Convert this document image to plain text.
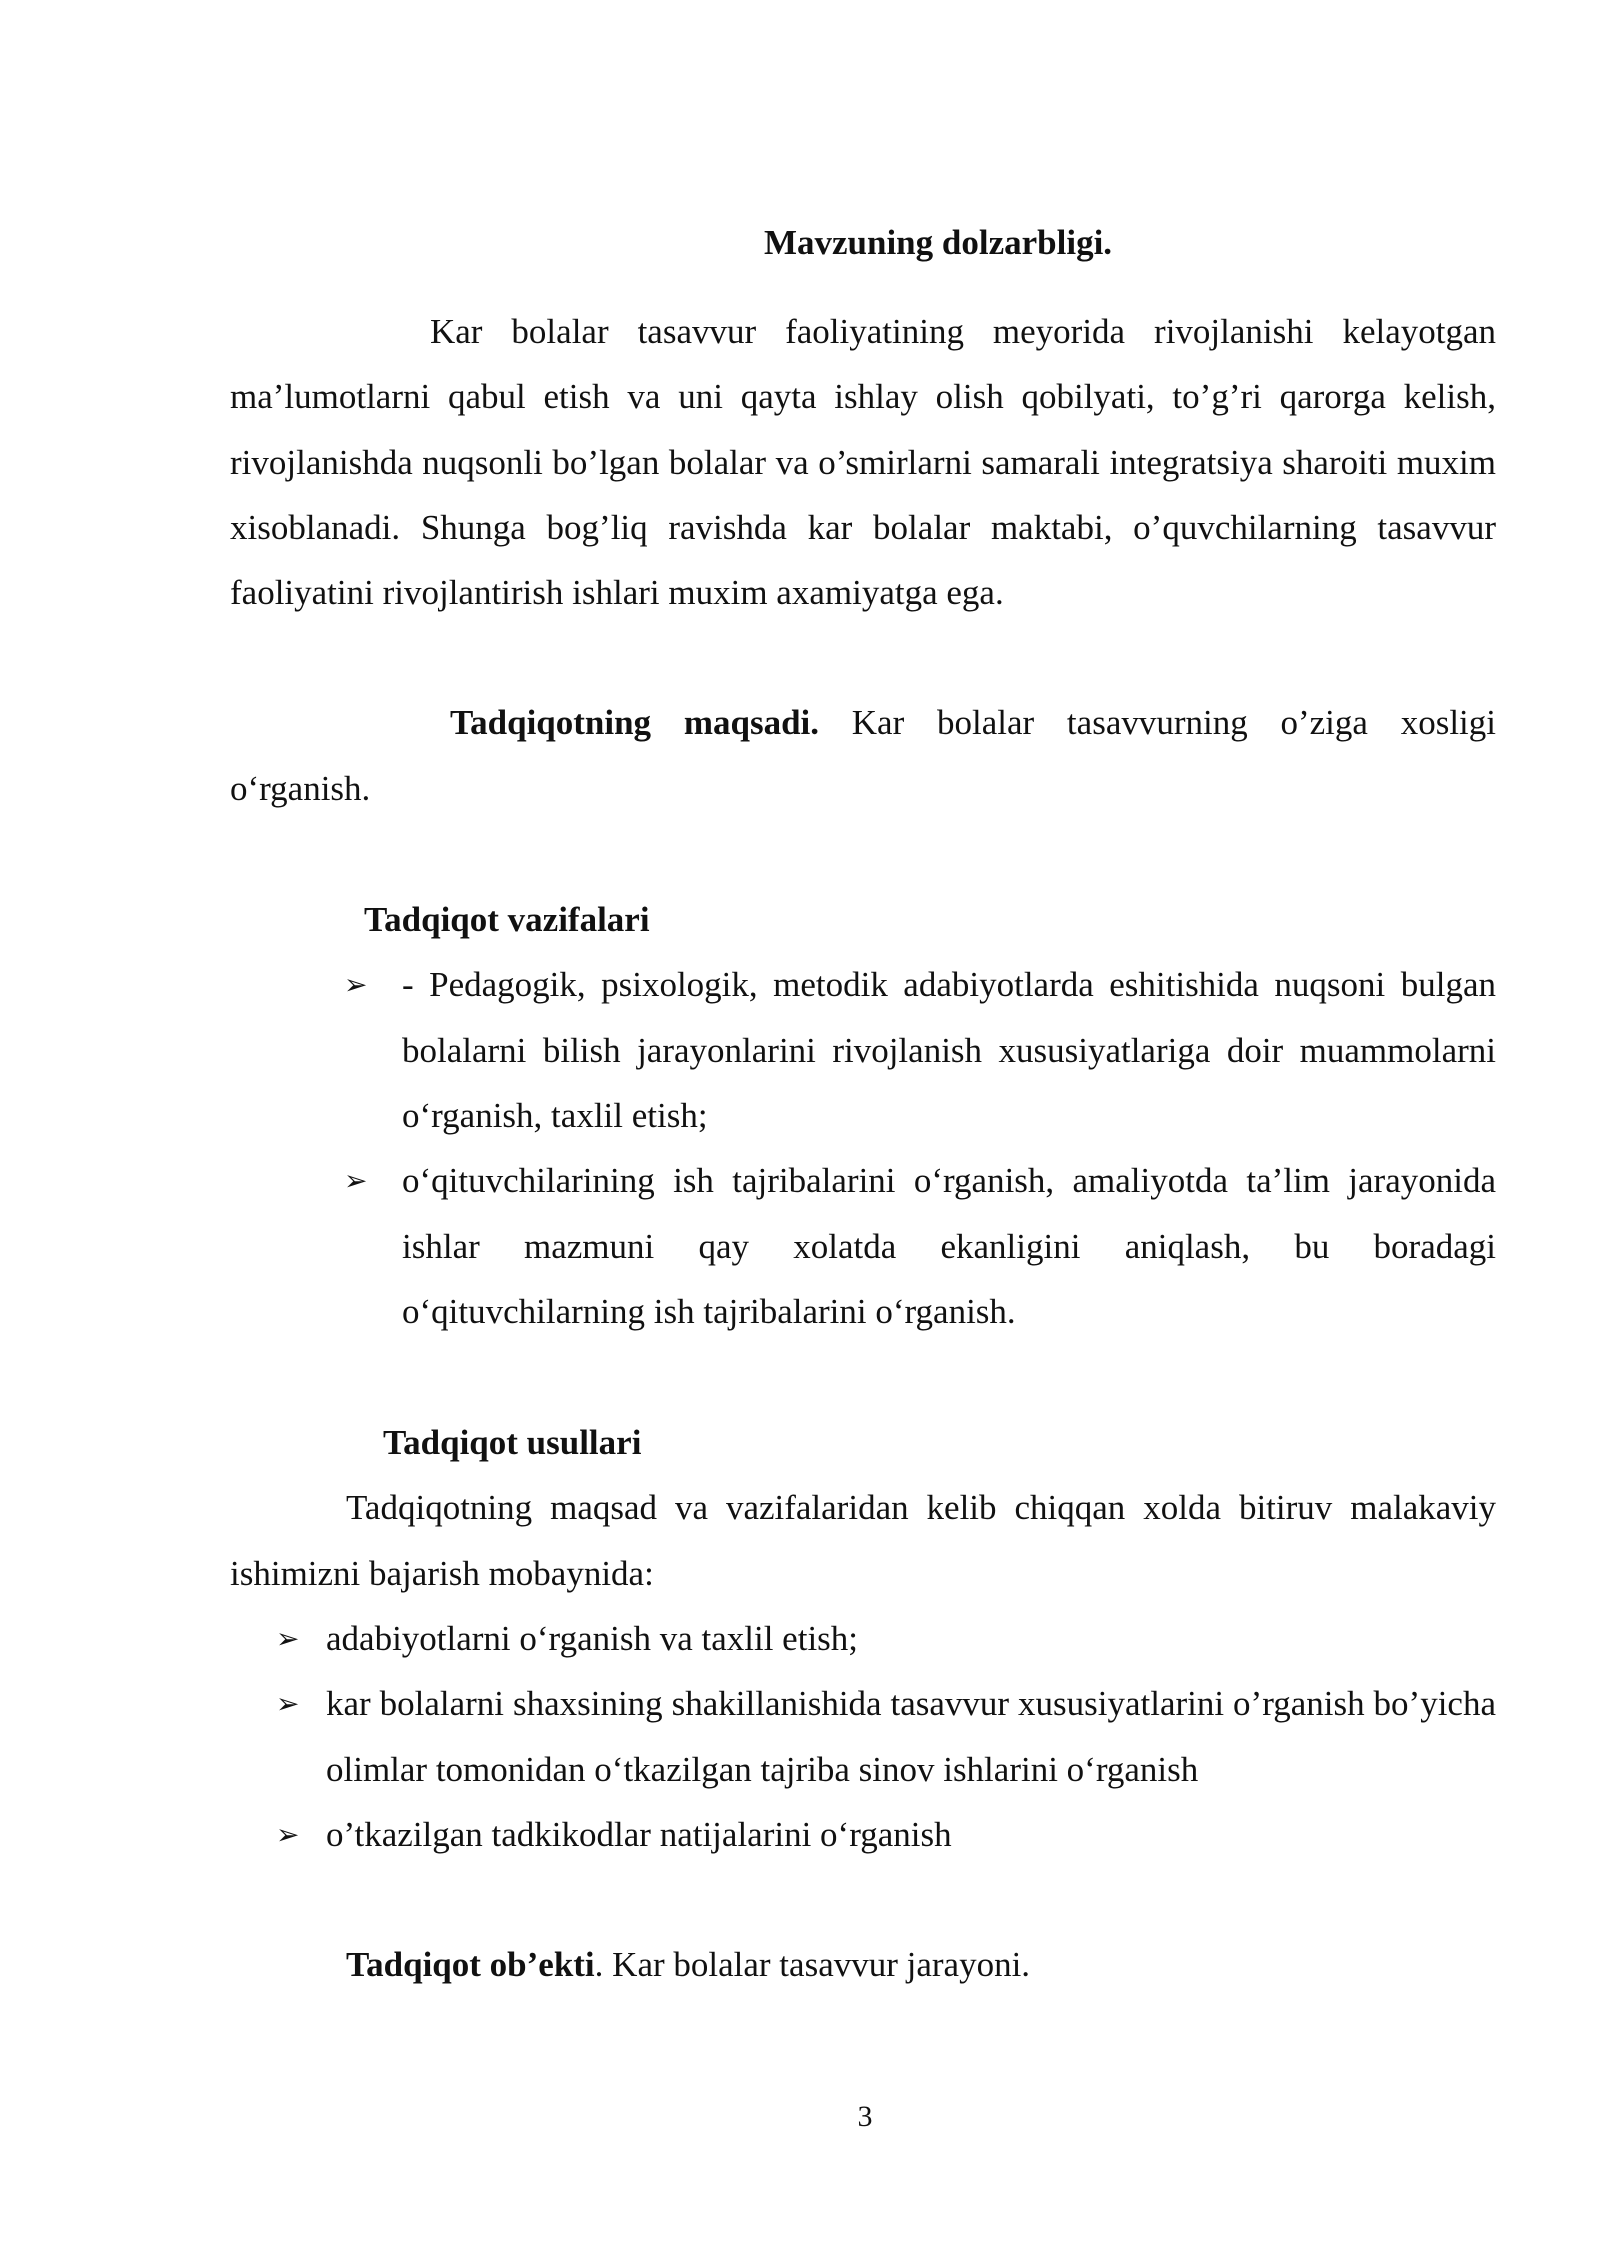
Mavzuning dolzarbligi.

Kar bolalar tasavvur faoliyatining meyorida rivojlanishi kelayotgan ma’lumotlarni qabul etish va uni qayta ishlay olish qobilyati, to’g’ri qarorga kelish, rivojlanishda nuqsonli bo’lgan bolalar va o’smirlarni samarali integratsiya sharoiti muxim xisoblanadi. Shunga bog’liq ravishda kar bolalar maktabi, o’quvchilarning tasavvur faoliyatini rivojlantirish ishlari muxim axamiyatga ega.

Tadqiqotning maqsadi. Kar bolalar tasavvurning o’ziga xosligi o‘rganish.

Tadqiqot vazifalari

➢ - Pedagogik, psixologik, metodik adabiyotlarda eshitishida nuqsoni bulgan bolalarni bilish jarayonlarini rivojlanish xususiyatlariga doir muammolarni o‘rganish, taxlil etish;
➢ o‘qituvchilarining ish tajribalarini o‘rganish, amaliyotda ta’lim jarayonida ishlar mazmuni qay xolatda ekanligini aniqlash, bu boradagi o‘qituvchilarning ish tajribalarini o‘rganish.

Tadqiqot usullari

Tadqiqotning maqsad va vazifalaridan kelib chiqqan xolda bitiruv malakaviy ishimizni bajarish mobaynida:

➢ adabiyotlarni o‘rganish va taxlil etish;
➢ kar bolalarni shaxsining shakillanishida tasavvur xususiyatlarini o’rganish bo’yicha olimlar tomonidan o‘tkazilgan tajriba sinov ishlarini o‘rganish
➢ o’tkazilgan tadkikodlar natijalarini o‘rganish

Tadqiqot ob’ekti. Kar bolalar tasavvur jarayoni.

3
